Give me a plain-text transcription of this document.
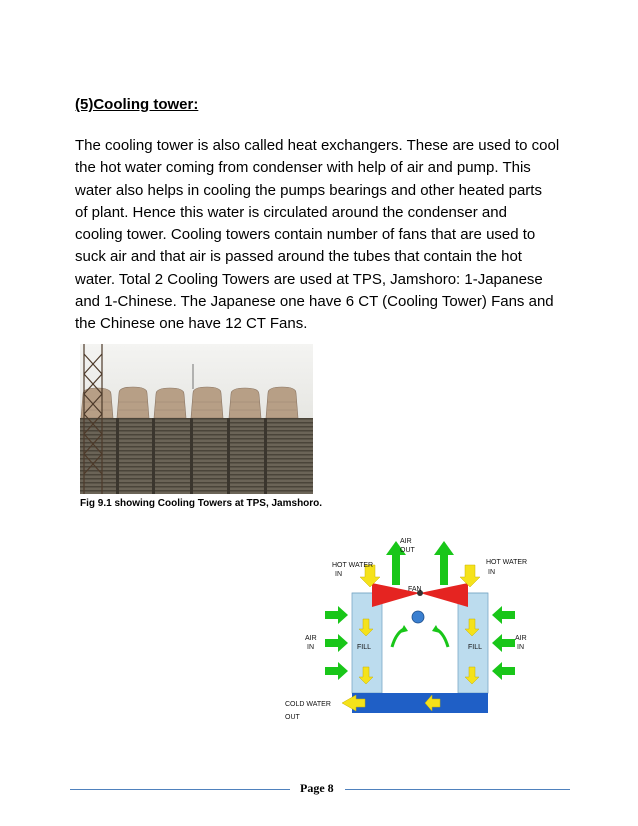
(5)Cooling tower:
The cooling tower is also called heat exchangers. These are used to cool
the hot water coming from condenser with help of air and pump. This
water also helps in cooling the pumps bearings and other heated parts
of plant. Hence this water is circulated around the condenser and
cooling tower. Cooling towers contain number of fans that are used to
suck air and that air is passed around the tubes that contain the hot
water. Total 2 Cooling Towers are used at TPS, Jamshoro: 1-Japanese
and 1-Chinese. The Japanese one have 6 CT (Cooling Tower) Fans and
the Chinese one have 12 CT Fans.
Fig 9.1 showing Cooling Towers at TPS, Jamshoro.
AIR
OUT
HOT WATER
IN
HOT WATER
IN
FAN
AIR
IN
AIR
IN
FILL	FILL
COLD WATER
OUT
Page 8
